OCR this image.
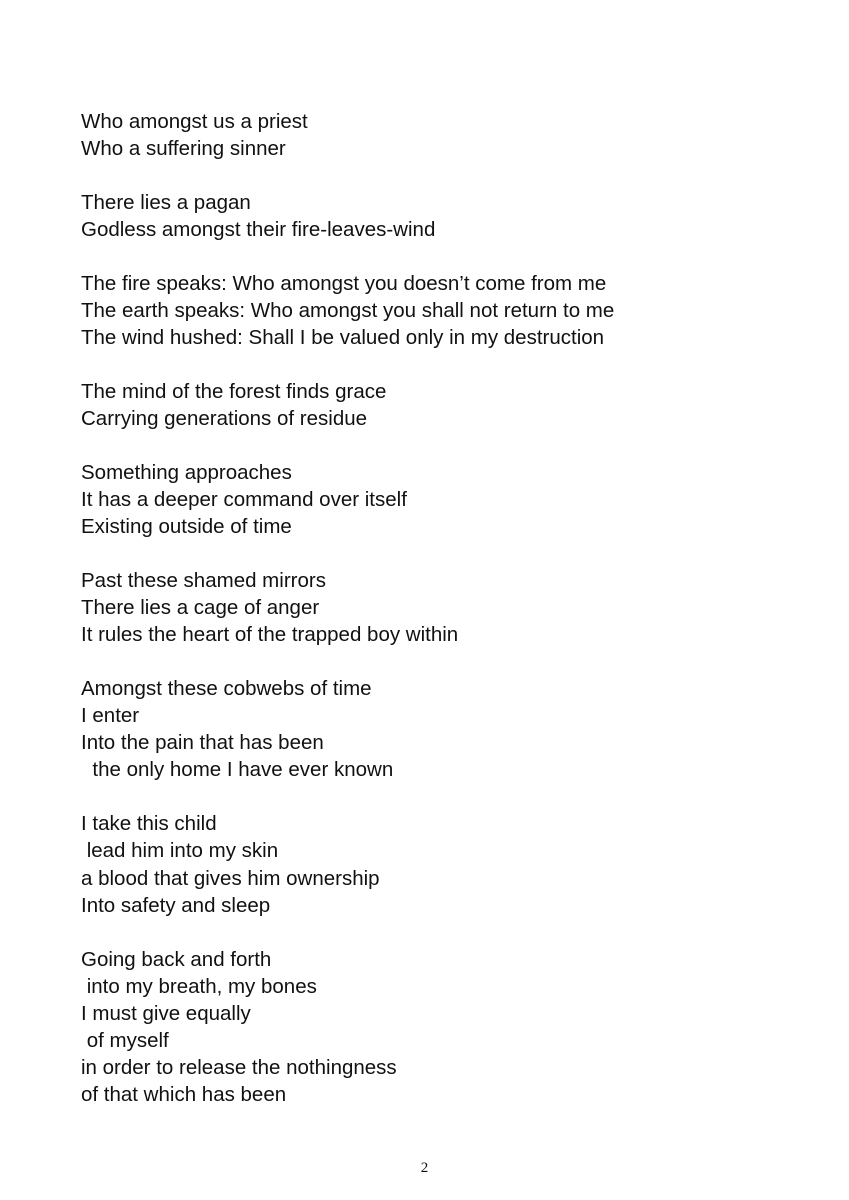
Who amongst us a priest
Who a suffering sinner
There lies a pagan
Godless amongst their fire-leaves-wind
The fire speaks: Who amongst you doesn’t come from me
The earth speaks: Who amongst you shall not return to me
The wind hushed: Shall I be valued only in my destruction
The mind of the forest finds grace
Carrying generations of residue
Something approaches
It has a deeper command over itself
Existing outside of time
Past these shamed mirrors
There lies a cage of anger
It rules the heart of the trapped boy within
Amongst these cobwebs of time
I enter
Into the pain that has been
the only home I have ever known
I take this child
lead him into my skin
a blood that gives him ownership
Into safety and sleep
Going back and forth
into my breath, my bones
I must give equally
of myself
in order to release the nothingness
of that which has been
2
